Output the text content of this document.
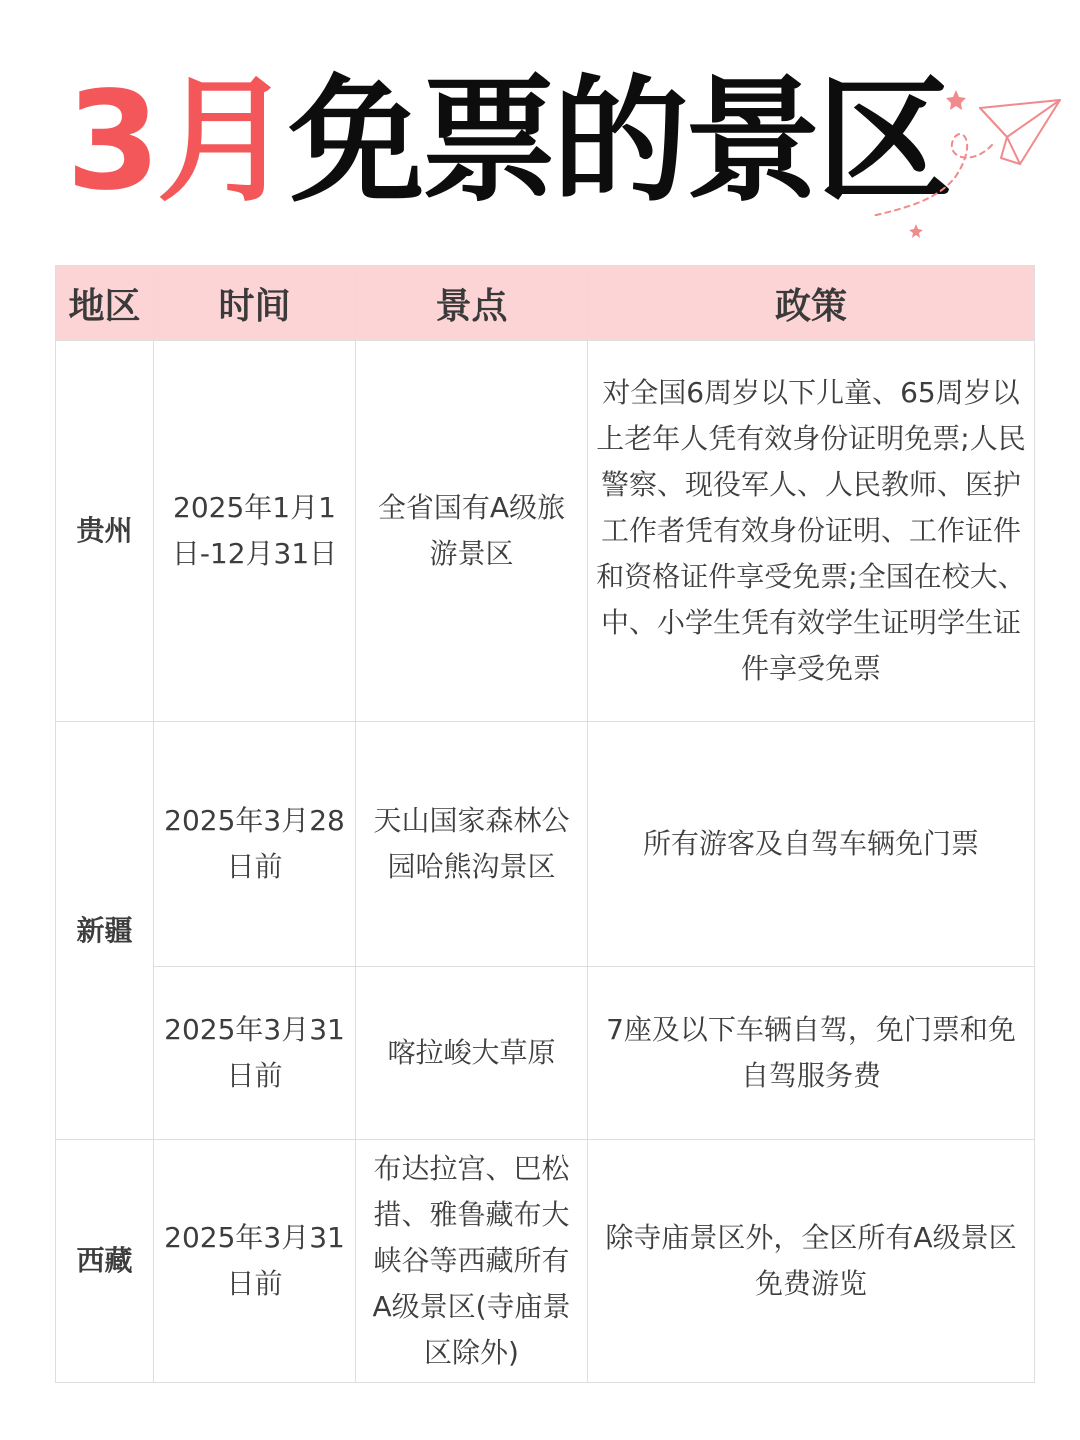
3月免票的景区
地区	时间	景点	政策
贵州	2025年1月1日-12月31日	全省国有A级旅游景区	对全国6周岁以下儿童、65周岁以上老年人凭有效身份证明免票;人民警察、现役军人、人民教师、医护工作者凭有效身份证明、工作证件和资格证件享受免票;全国在校大、中、小学生凭有效学生证明学生证件享受免票
新疆	2025年3月28日前	天山国家森林公园哈熊沟景区	所有游客及自驾车辆免门票
	2025年3月31日前	喀拉峻大草原	7座及以下车辆自驾，免门票和免自驾服务费
西藏	2025年3月31日前	布达拉宫、巴松措、雅鲁藏布大峡谷等西藏所有A级景区(寺庙景区除外)	除寺庙景区外，全区所有A级景区免费游览
